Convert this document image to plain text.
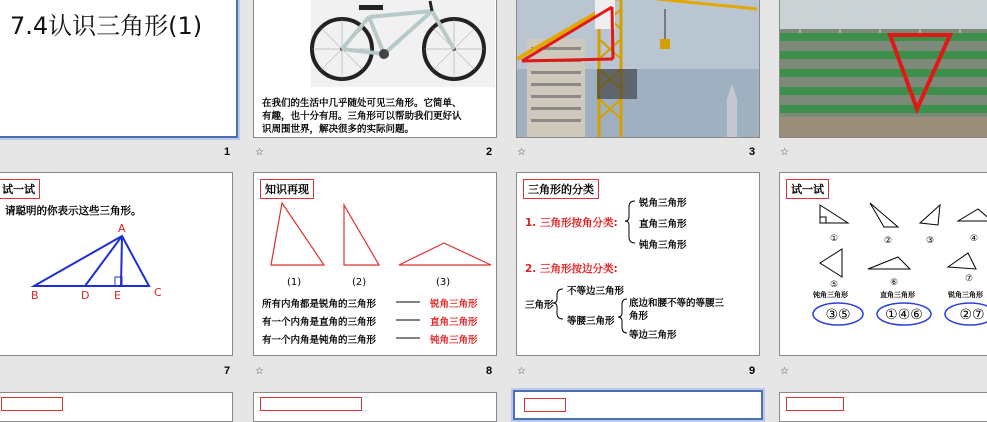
7.4认识三角形(1)
1
在我们的生活中几乎随处可见三角形。它简单、
有趣，也十分有用。三角形可以帮助我们更好认
识周围世界，解决很多的实际问题。
2
☆	3
☆	☆
试一试
请聪明的你表示这些三角形。
A
B	D E	C
7
知识再现
(1)	(2)	(3)
所有内角都是锐角的三角形	锐角三角形
有一个内角是直角的三角形	直角三角形
有一个内角是钝角的三角形	钝角三角形
8
☆
三角形的分类
1. 三角形按角分类:
锐角三角形
直角三角形
钝角三角形
2. 三角形按边分类:
三角形
不等边三角形
等腰三角形
底边和腰不等的等腰三
角形
等边三角形
9
☆
试一试
①	②	③	④
⑤	⑥	⑦
钝角三角形	直角三角形	锐角三角形
③⑤ ①④⑥	②⑦
☆
